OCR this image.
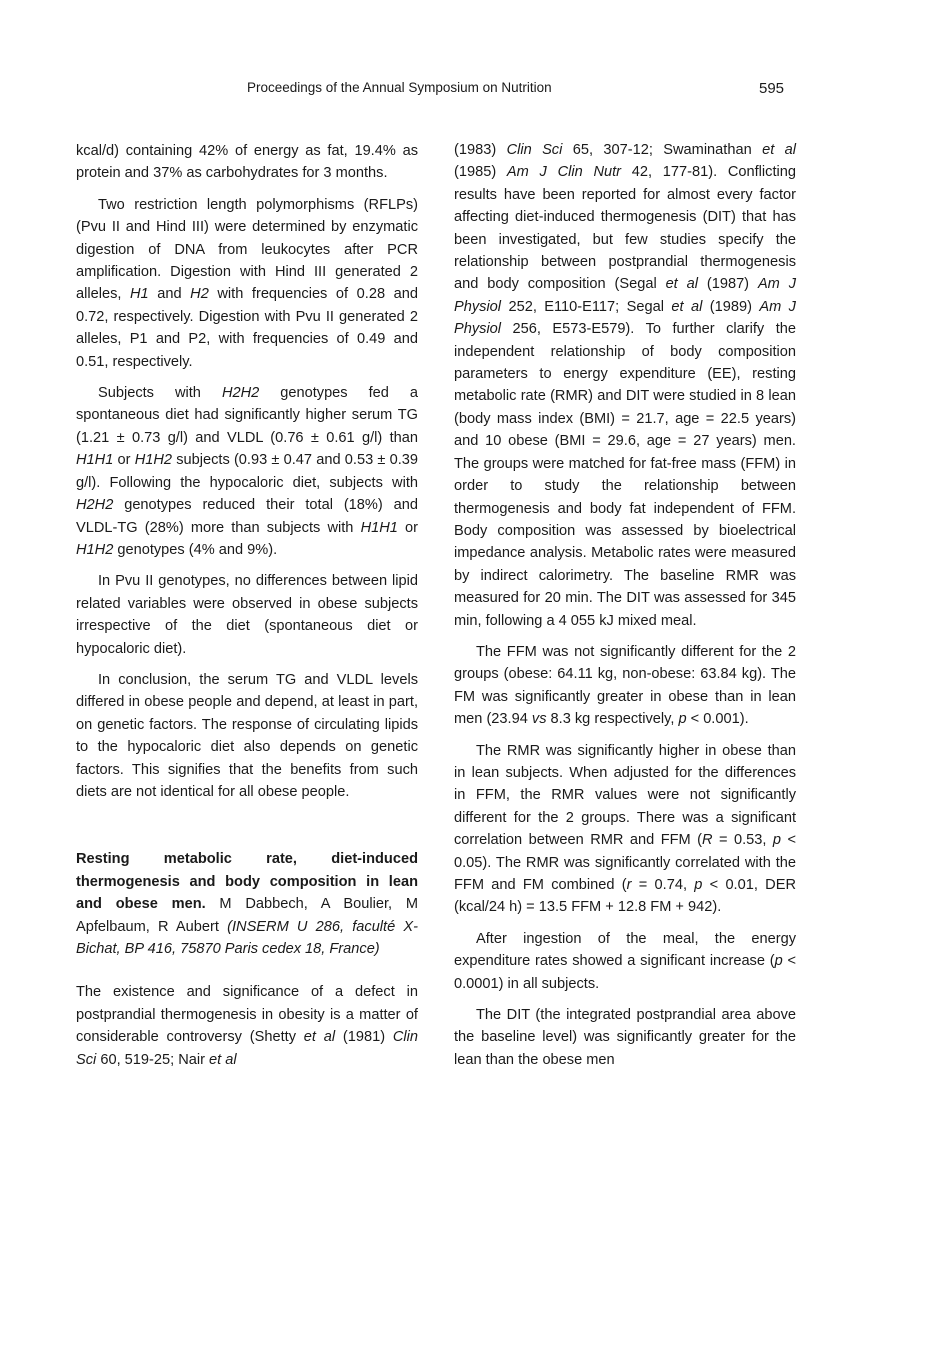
Proceedings of the Annual Symposium on Nutrition	595

kcal/d) containing 42% of energy as fat, 19.4% as protein and 37% as carbohydrates for 3 months.

Two restriction length polymorphisms (RFLPs) (Pvu II and Hind III) were determined by enzymatic digestion of DNA from leukocytes after PCR amplification. Digestion with Hind III generated 2 alleles, H1 and H2 with frequencies of 0.28 and 0.72, respectively. Digestion with Pvu II generated 2 alleles, P1 and P2, with frequencies of 0.49 and 0.51, respectively.

Subjects with H2H2 genotypes fed a spontaneous diet had significantly higher serum TG (1.21 ± 0.73 g/l) and VLDL (0.76 ± 0.61 g/l) than H1H1 or H1H2 subjects (0.93 ± 0.47 and 0.53 ± 0.39 g/l). Following the hypocaloric diet, subjects with H2H2 genotypes reduced their total (18%) and VLDL-TG (28%) more than subjects with H1H1 or H1H2 genotypes (4% and 9%).

In Pvu II genotypes, no differences between lipid related variables were observed in obese subjects irrespective of the diet (spontaneous diet or hypocaloric diet).

In conclusion, the serum TG and VLDL levels differed in obese people and depend, at least in part, on genetic factors. The response of circulating lipids to the hypocaloric diet also depends on genetic factors. This signifies that the benefits from such diets are not identical for all obese people.

Resting metabolic rate, diet-induced thermogenesis and body composition in lean and obese men. M Dabbech, A Boulier, M Apfelbaum, R Aubert (INSERM U 286, faculté X-Bichat, BP 416, 75870 Paris cedex 18, France)

The existence and significance of a defect in postprandial thermogenesis in obesity is a matter of considerable controversy (Shetty et al (1981) Clin Sci 60, 519-25; Nair et al

(1983) Clin Sci 65, 307-12; Swaminathan et al (1985) Am J Clin Nutr 42, 177-81). Conflicting results have been reported for almost every factor affecting diet-induced thermogenesis (DIT) that has been investigated, but few studies specify the relationship between postprandial thermogenesis and body composition (Segal et al (1987) Am J Physiol 252, E110-E117; Segal et al (1989) Am J Physiol 256, E573-E579). To further clarify the independent relationship of body composition parameters to energy expenditure (EE), resting metabolic rate (RMR) and DIT were studied in 8 lean (body mass index (BMI) = 21.7, age = 22.5 years) and 10 obese (BMI = 29.6, age = 27 years) men. The groups were matched for fat-free mass (FFM) in order to study the relationship between thermogenesis and body fat independent of FFM. Body composition was assessed by bioelectrical impedance analysis. Metabolic rates were measured by indirect calorimetry. The baseline RMR was measured for 20 min. The DIT was assessed for 345 min, following a 4 055 kJ mixed meal.

The FFM was not significantly different for the 2 groups (obese: 64.11 kg, non-obese: 63.84 kg). The FM was significantly greater in obese than in lean men (23.94 vs 8.3 kg respectively, p < 0.001).

The RMR was significantly higher in obese than in lean subjects. When adjusted for the differences in FFM, the RMR values were not significantly different for the 2 groups. There was a significant correlation between RMR and FFM (R = 0.53, p < 0.05). The RMR was significantly correlated with the FFM and FM combined (r = 0.74, p < 0.01, DER (kcal/24 h) = 13.5 FFM + 12.8 FM + 942).

After ingestion of the meal, the energy expenditure rates showed a significant increase (p < 0.0001) in all subjects.

The DIT (the integrated postprandial area above the baseline level) was significantly greater for the lean than the obese men
